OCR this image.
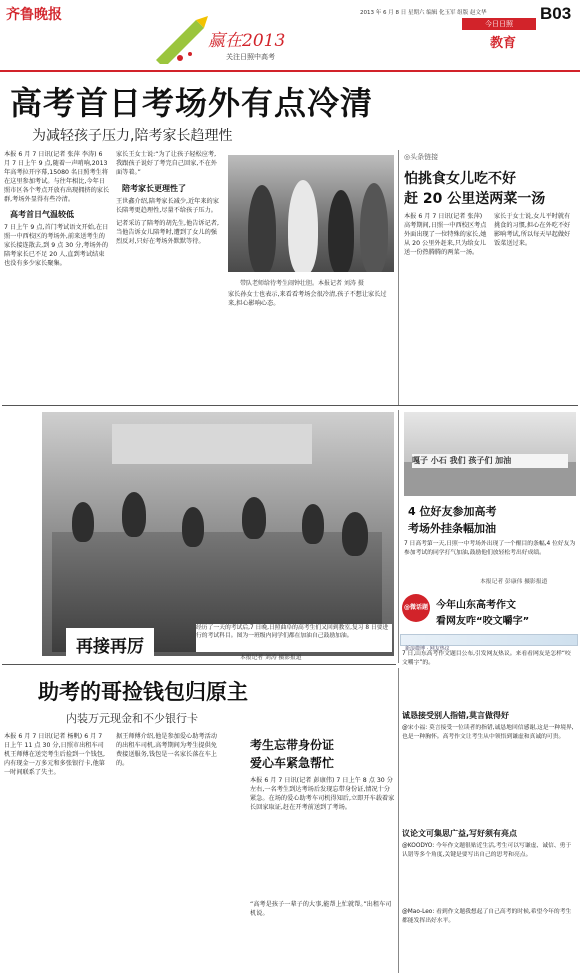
齐鲁晚报	2013 年 6 月 8 日 星期六 编辑 化玉军 组版 赵文华	B03
今日日照
教育
赢在2013
关注日照中高考
高考首日考场外有点冷清
为减轻孩子压力,陪考家长趋理性
本报 6 月 7 日讯(记者 张萍 李涛) 6 月 7 日上午 9 点,随着一声哨响,2013 年高考拉开序幕,15080 名日照考生将在这里参加考试。与往年相比,今年日照市区各个考点开放有出现拥挤的家长群,考场外显得有些冷清。
高考首日气温较低
7 日上午 9 点,首门考试语文开始,在日照一中西校区的考场外,前来送考生的家长接连散去,到 9 点 30 分,考场外的陪考家长已不足 20 人,直到考试结束也没有多少家长聚集。
家长王女士说:“为了让孩子轻松应考,我跟孩子说好了考完自己回家,不在外面等着。”
陪考家长更理性了
王世鑫介绍,陪考家长减少,近年来的家长陪考更趋理性,尽量不给孩子压力。
记者采访了陪考的胡先生,他告诉记者,当他告诉女儿陪考时,遭到了女儿的强烈反对,只好在考场外默默等待。
带队老师给待考生闹钟壮胆。本报记者 刘涛 摄
家长孙女士也表示,来看看考场会很冷清,孩子不想让家长过来,担心影响心态。
◎头条链接
怕挑食女儿吃不好
赶 20 公里送两菜一汤
本报 6 月 7 日讯(记者 张萍) 高考期间,日照一中西校区考点外面出现了一位特殊的家长,她从 20 公里外赶来,只为给女儿送一份热腾腾的两菜一汤。
家长于女士说,女儿平时就有挑食的习惯,担心在外吃不好影响考试,所以每天早起做好饭菜送过来。
再接再厉
经历了一天的考试后,7 日晚,日照曲阜的高考生们又回到教室,复习 8 日要进行的考试科目。图为一班级内同学们都在加油自己鼓励加油。
本报记者 刘涛 摄影报道
嘎子 小石 我们 孩子们 加油
4 位好友参加高考
考场外挂条幅加油
7 日高考第一天,日照一中考场外出现了一个醒目的条幅,4 位好友为参加考试的同学打气加油,鼓励他们放轻松考出好成绩。
本报记者 彭康伟 摄影报道
@微话题 今年山东高考作文
看网友咋“咬文嚼字”
新浪微博 · 网友热议
7 日,山东高考作文题目公布,引发网友热议。来看看网友是怎样“咬文嚼字”的。
诚恳接受别人指错,莫言做得好
@宋小福: 莫言接受一位读者的指错,诚恳地回信感谢,这是一种境界,也是一种胸怀。高考作文让考生从中领悟到谦虚和真诚的可贵。
议论文可集思广益,写好须有亮点
@KOODYO: 今年作文题很贴近生活,考生可以写谦虚、诚信、勇于认错等多个角度,关键是要写出自己的思考和亮点。
@Mao-Leo: 看到作文题我想起了自己高考的时候,希望今年的考生都能发挥出好水平。
助考的哥捡钱包归原主
内装万元现金和不少银行卡
本报 6 月 7 日讯(记者 杨帆) 6 月 7 日上午 11 点 30 分,日照市出租车司机王师傅在送完考生后捡到一个钱包,内有现金一万多元和多张银行卡,他第一时间联系了失主。
据王师傅介绍,他是参加爱心助考活动的出租车司机,高考期间为考生提供免费接送服务,钱包是一名家长落在车上的。
考生忘带身份证
爱心车紧急帮忙
本报 6 月 7 日讯(记者 彭康伟) 7 日上午 8 点 30 分左右,一名考生到达考场后发现忘带身份证,情况十分紧急。在场的爱心助考车司机得知后,立即开车载着家长回家取证,赶在开考前送到了考场。
“高考是孩子一辈子的大事,能帮上忙就帮。”出租车司机说。
